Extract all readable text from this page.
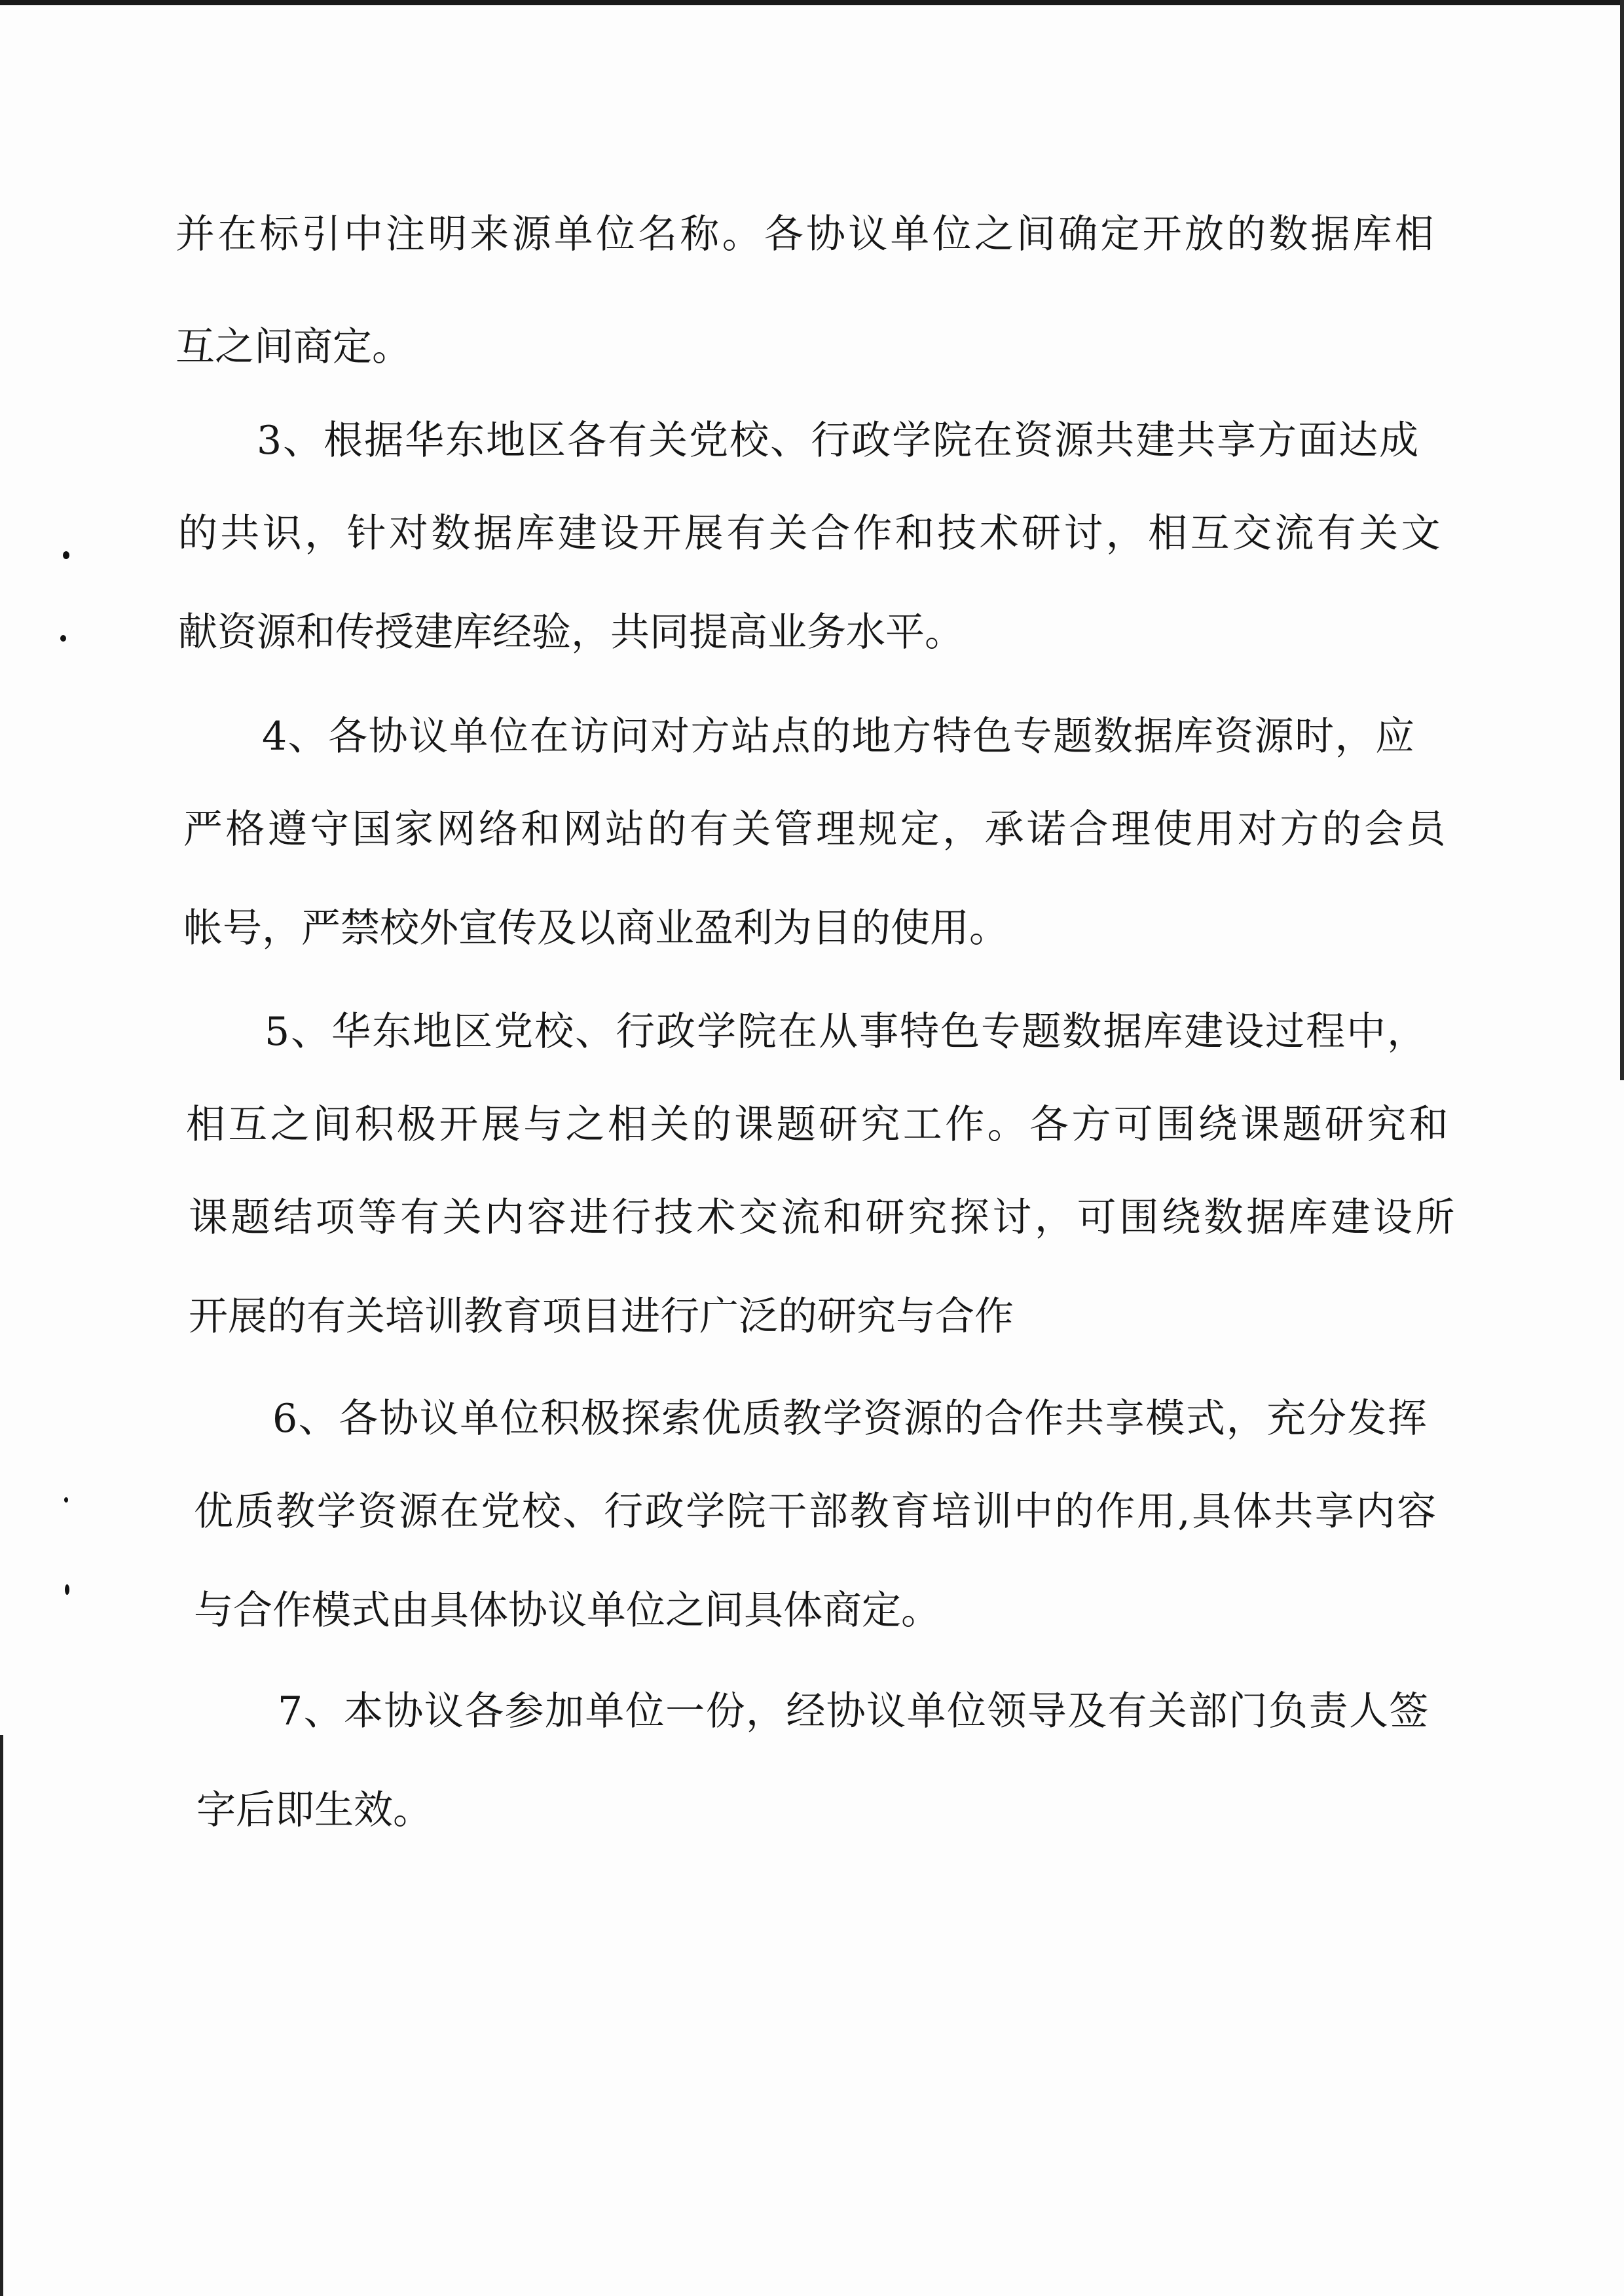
并在标引中注明来源单位名称。各协议单位之间确定开放的数据库相

互之间商定。

3、根据华东地区各有关党校、行政学院在资源共建共享方面达成

的共识，针对数据库建设开展有关合作和技术研讨，相互交流有关文

献资源和传授建库经验，共同提高业务水平。

4、各协议单位在访问对方站点的地方特色专题数据库资源时，应

严格遵守国家网络和网站的有关管理规定，承诺合理使用对方的会员

帐号，严禁校外宣传及以商业盈利为目的使用。

5、华东地区党校、行政学院在从事特色专题数据库建设过程中，

相互之间积极开展与之相关的课题研究工作。各方可围绕课题研究和

课题结项等有关内容进行技术交流和研究探讨，可围绕数据库建设所

开展的有关培训教育项目进行广泛的研究与合作

6、各协议单位积极探索优质教学资源的合作共享模式，充分发挥

优质教学资源在党校、行政学院干部教育培训中的作用,具体共享内容

与合作模式由具体协议单位之间具体商定。

7、本协议各参加单位一份，经协议单位领导及有关部门负责人签

字后即生效。
